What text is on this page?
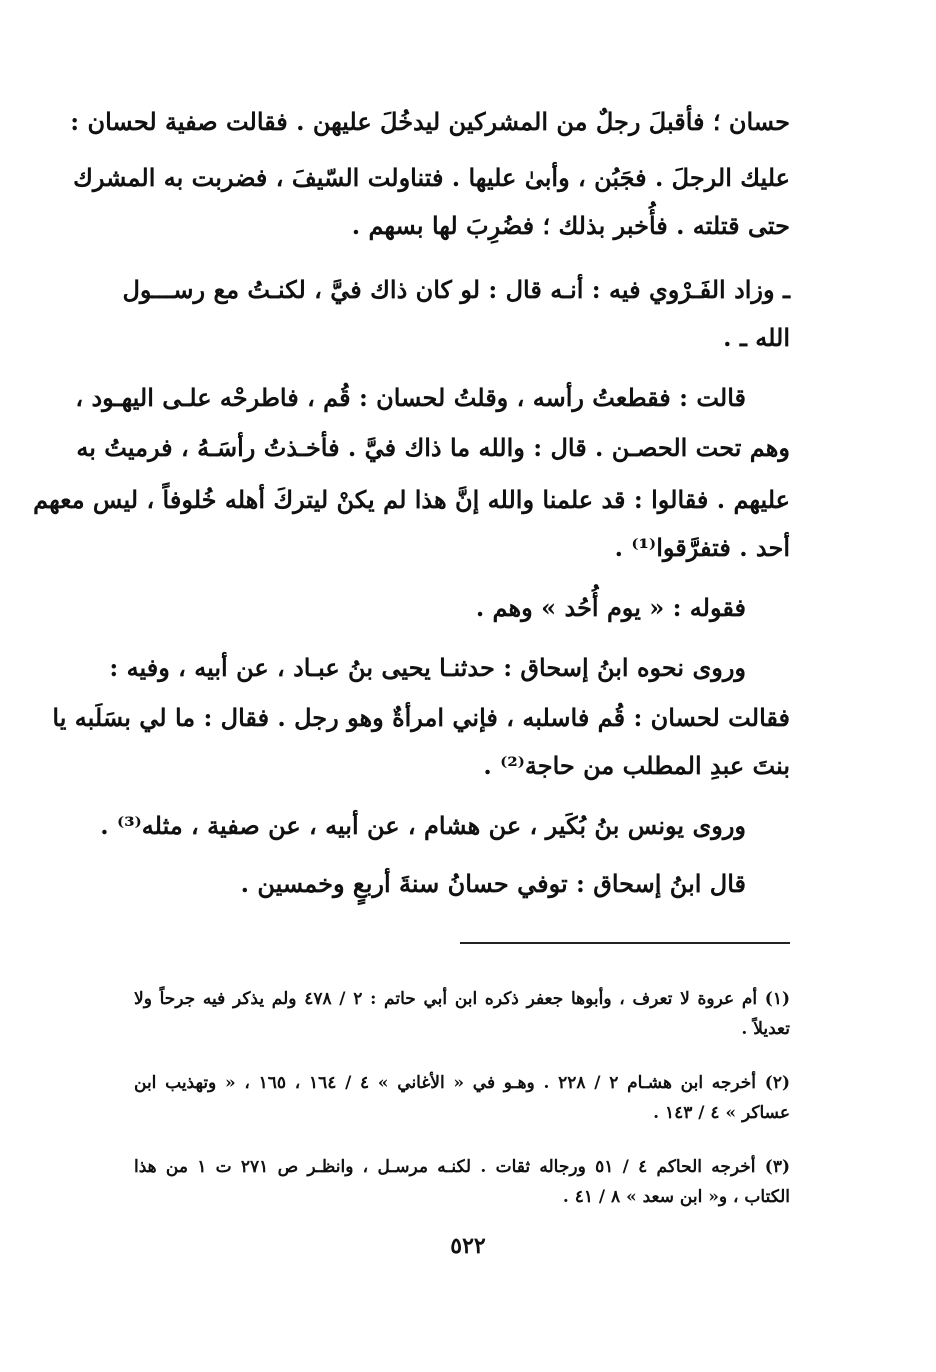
حسان ؛ فأقبلَ رجلٌ من المشركين ليدخُلَ عليهن . فقالت صفية لحسان :
عليك الرجلَ . فجَبُن ، وأبىٰ عليها . فتناولت السّيفَ ، فضربت به المشرك
حتى قتلته . فأُخبر بذلك ؛ فضُرِبَ لها بسهم .
ـ وزاد الفَـرْوي فيه : أنـه قال : لو كان ذاك فيَّ ، لكنـتُ مع رســـول
الله ـ .
قالت : فقطعتُ رأسه ، وقلتُ لحسان : قُم ، فاطرحْه علـى اليهـود ،
وهم تحت الحصـن . قال : والله ما ذاك فيَّ . فأخـذتُ رأسَـهُ ، فرميتُ به
عليهم . فقالوا : قد علمنا والله إنَّ هذا لم يكنْ ليتركَ أهله خُلوفاً ، ليس معهم
أحد . فتفرَّقوا⁽¹⁾ .
فقوله : « يوم أُحُد » وهم .
وروى نحوه ابنُ إسحاق : حدثنـا يحيى بنُ عبـاد ، عن أبيه ، وفيه :
فقالت لحسان : قُم فاسلبه ، فإني امرأةٌ وهو رجل . فقال : ما لي بسَلَبه يا
بنتَ عبدِ المطلب من حاجة⁽²⁾ .
وروى يونس بنُ بُكَير ، عن هشام ، عن أبيه ، عن صفية ، مثله⁽³⁾ .
قال ابنُ إسحاق : توفي حسانُ سنةَ أربعٍ وخمسين .
(١) أم عروة لا تعرف ، وأبوها جعفر ذكره ابن أبي حاتم : ٢ / ٤٧٨ ولم يذكر فيه جرحاً ولا
تعديلاً .
(٢) أخرجه ابن هشـام ٢ / ٢٢٨ . وهـو في « الأغاني » ٤ / ١٦٤ ، ١٦٥ ، « وتهذيب ابن
عساكر » ٤ / ١٤٣ .
(٣) أخرجه الحاكم ٤ / ٥١ ورجاله ثقات . لكنـه مرسـل ، وانظـر ص ٢٧١ ت ١ من هذا
الكتاب ، و« ابن سعد » ٨ / ٤١ .
٥٢٢
